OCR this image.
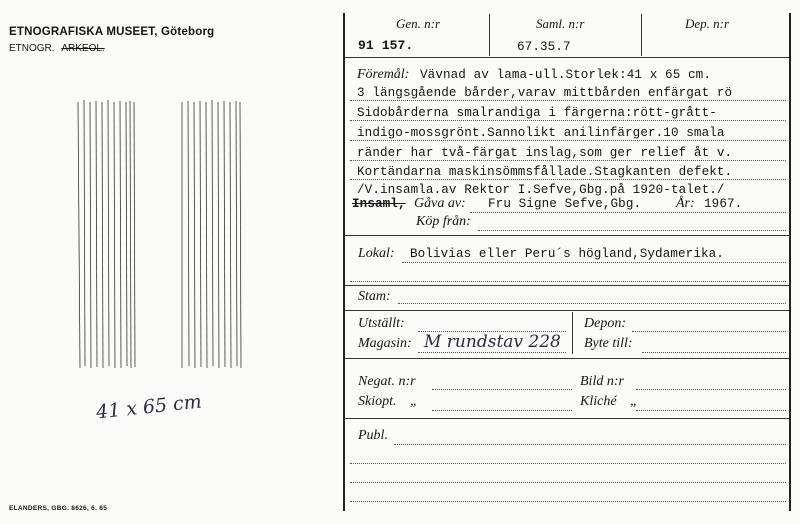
ETNOGRAFISKA MUSEET, Göteborg
ETNOGR. ARKEOL.
41 x 65 cm
ELANDERS, GBG. 8626, 6. 65
Gen. n:r	Saml. n:r	Dep. n:r
91 157.	67.35.7
Föremål: Vävnad av lama-ull.Storlek:41 x 65 cm.
3 längsgående bårder,varav mittbården enfärgat rö
Sidobårderna smalrandiga i färgerna:rött-grått-
indigo-mossgrönt.Sannolikt anilinfärger.10 smala
ränder har två-färgat inslag,som ger relief åt v.
Kortändarna maskinsömmsfållade.Stagkanten defekt.
/V.insamla.av Rektor I.Sefve,Gbg.på 1920-talet./
Insaml, Gåva av: Fru Signe Sefve,Gbg. År: 1967.
Köp från:
Lokal: Bolivias eller Peru´s högland,Sydamerika.
Stam:
Utställt:	Depon:
Magasin: M rundstav 228 Byte till:
Negat. n:r	Bild n:r
Skiopt. „	Kliché „
Publ.
